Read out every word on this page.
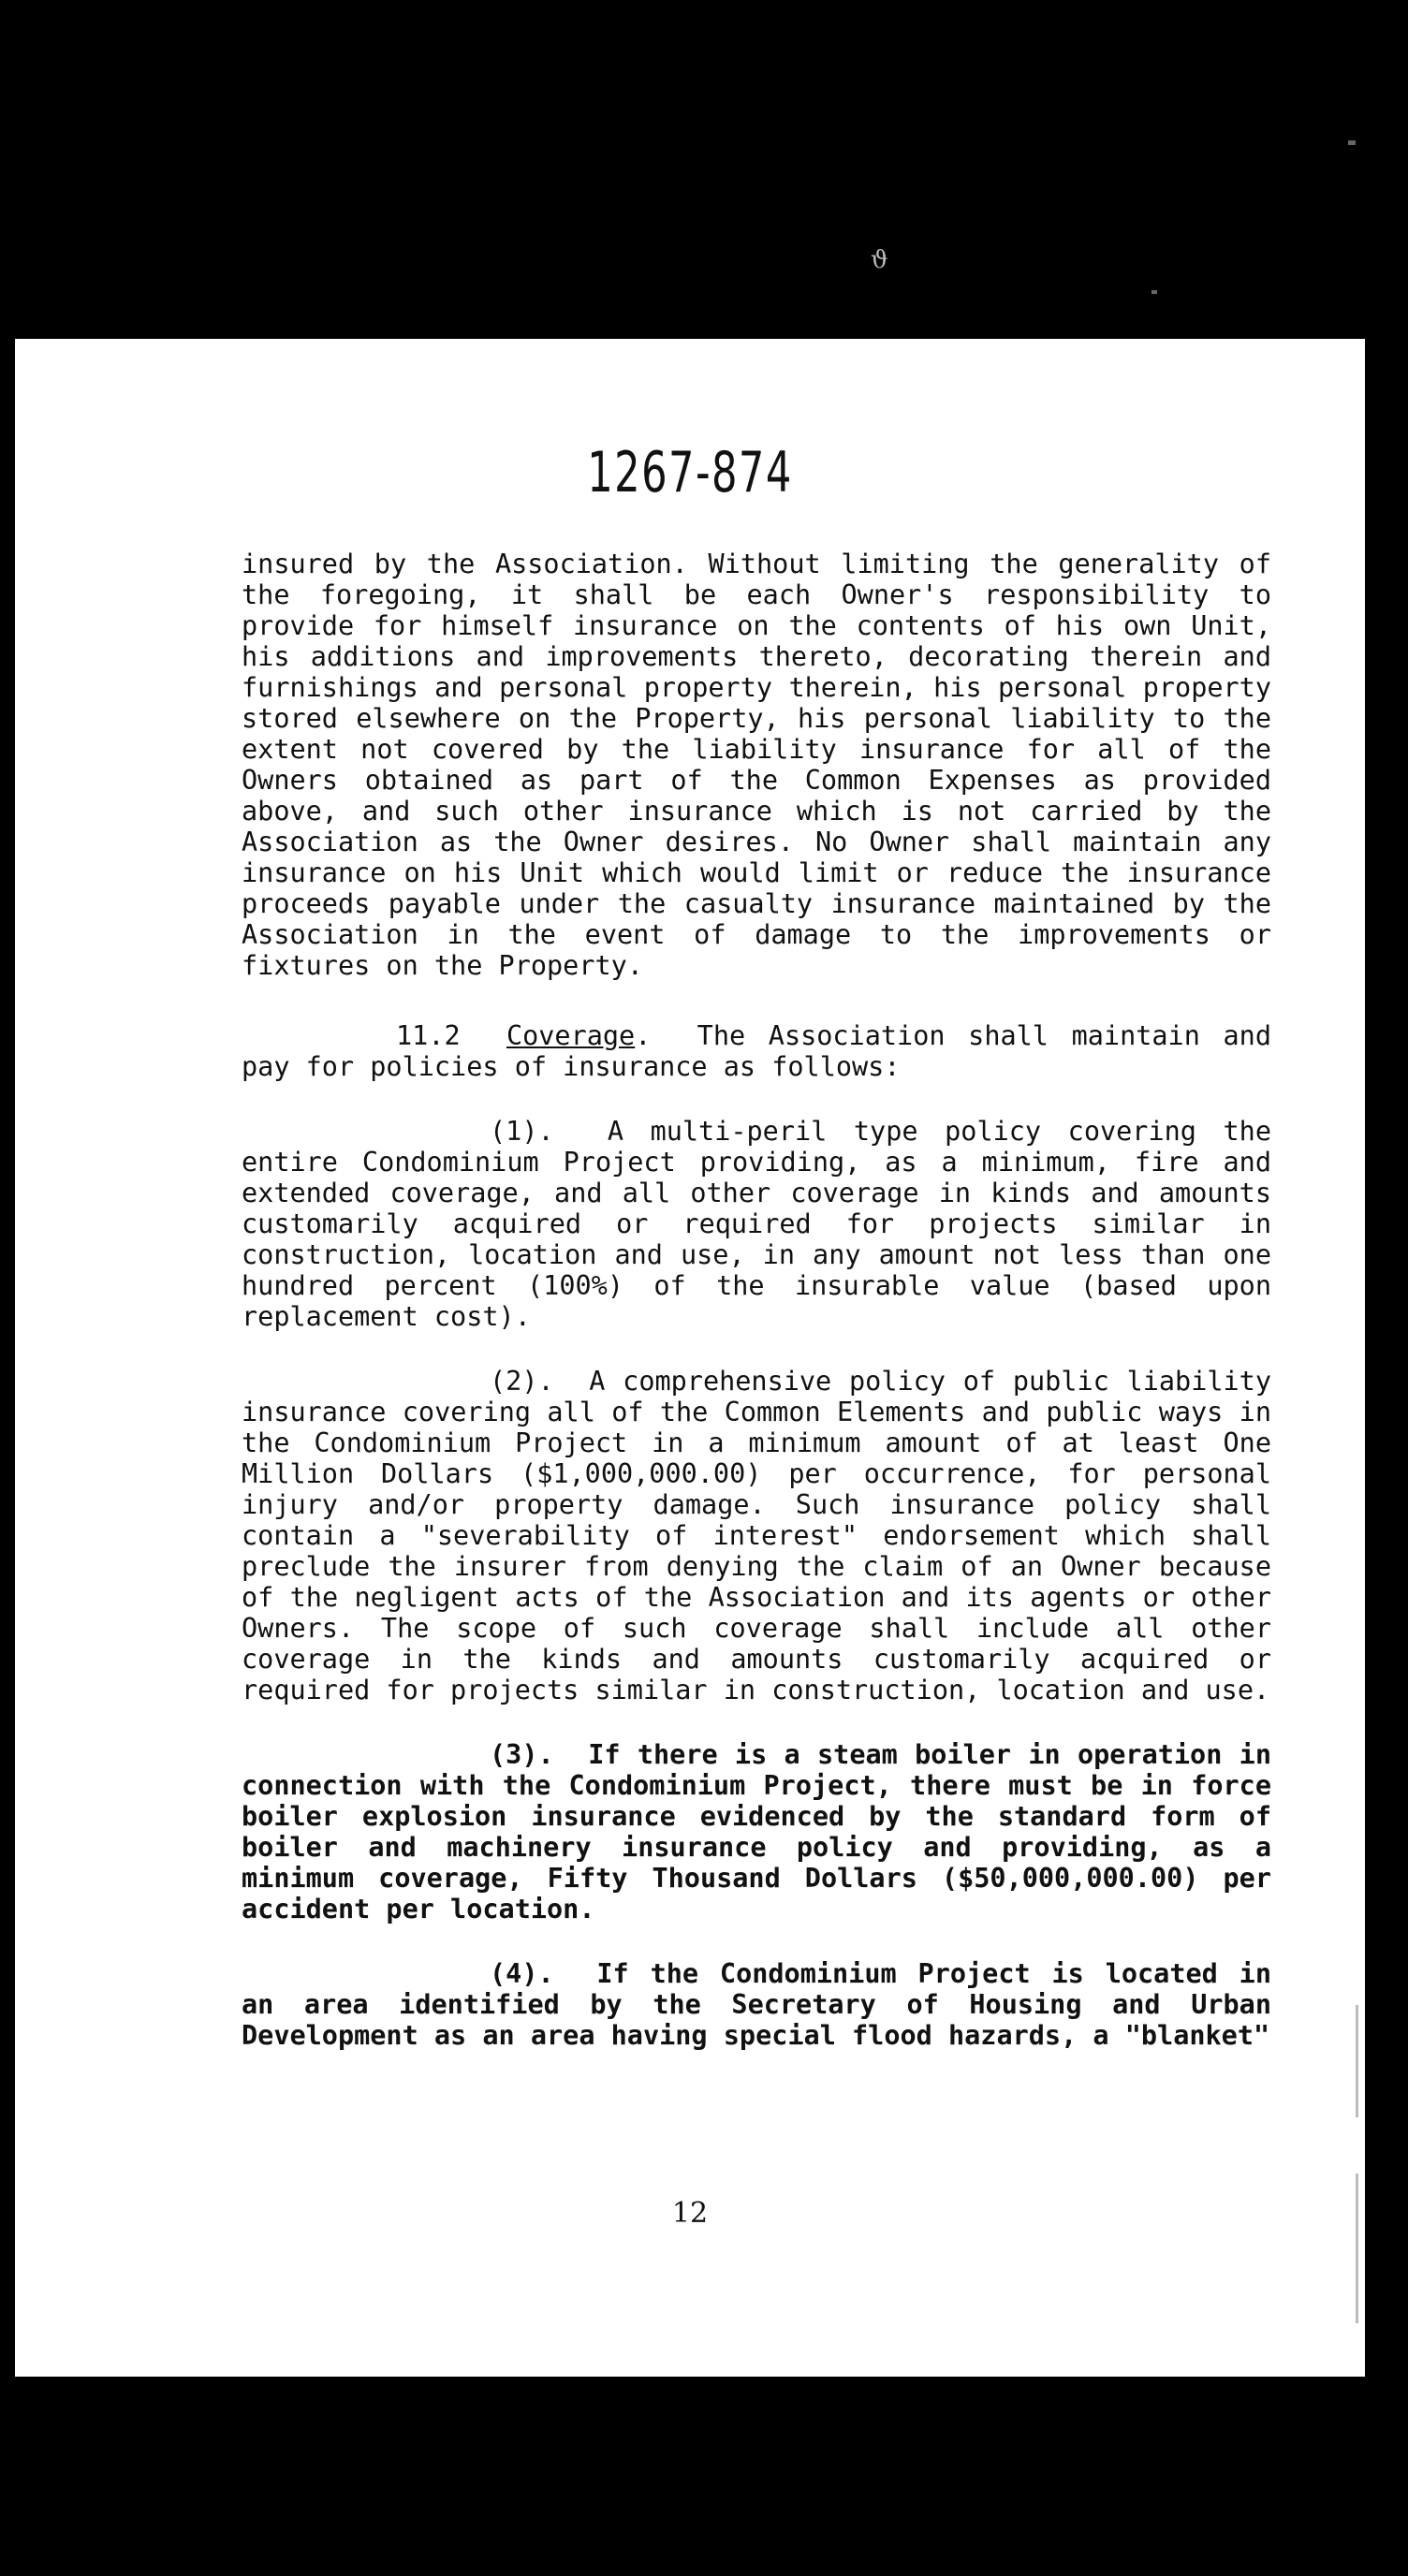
ϑ
1267-874

insured by the Association. Without limiting the generality of the foregoing, it shall be each Owner's responsibility to provide for himself insurance on the contents of his own Unit, his additions and improvements thereto, decorating therein and furnishings and personal property therein, his personal property stored elsewhere on the Property, his personal liability to the extent not covered by the liability insurance for all of the Owners obtained as part of the Common Expenses as provided above, and such other insurance which is not carried by the Association as the Owner desires. No Owner shall maintain any insurance on his Unit which would limit or reduce the insurance proceeds payable under the casualty insurance maintained by the Association in the event of damage to the improvements or fixtures on the Property.

11.2 Coverage.  The Association shall maintain and pay for policies of insurance as follows:

(1). A multi-peril type policy covering the entire Condominium Project providing, as a minimum, fire and extended coverage, and all other coverage in kinds and amounts customarily acquired or required for projects similar in construction, location and use, in any amount not less than one hundred percent (100%) of the insurable value (based upon replacement cost).

(2). A comprehensive policy of public liability insurance covering all of the Common Elements and public ways in the Condominium Project in a minimum amount of at least One Million Dollars ($1,000,000.00) per occurrence, for personal injury and/or property damage. Such insurance policy shall contain a "severability of interest" endorsement which shall preclude the insurer from denying the claim of an Owner because of the negligent acts of the Association and its agents or other Owners. The scope of such coverage shall include all other coverage in the kinds and amounts customarily acquired or required for projects similar in construction, location and use.

(3). If there is a steam boiler in operation in connection with the Condominium Project, there must be in force boiler explosion insurance evidenced by the standard form of boiler and machinery insurance policy and providing, as a minimum coverage, Fifty Thousand Dollars ($50,000,000.00) per accident per location.

(4). If the Condominium Project is located in an area identified by the Secretary of Housing and Urban Development as an area having special flood hazards, a "blanket"

12
